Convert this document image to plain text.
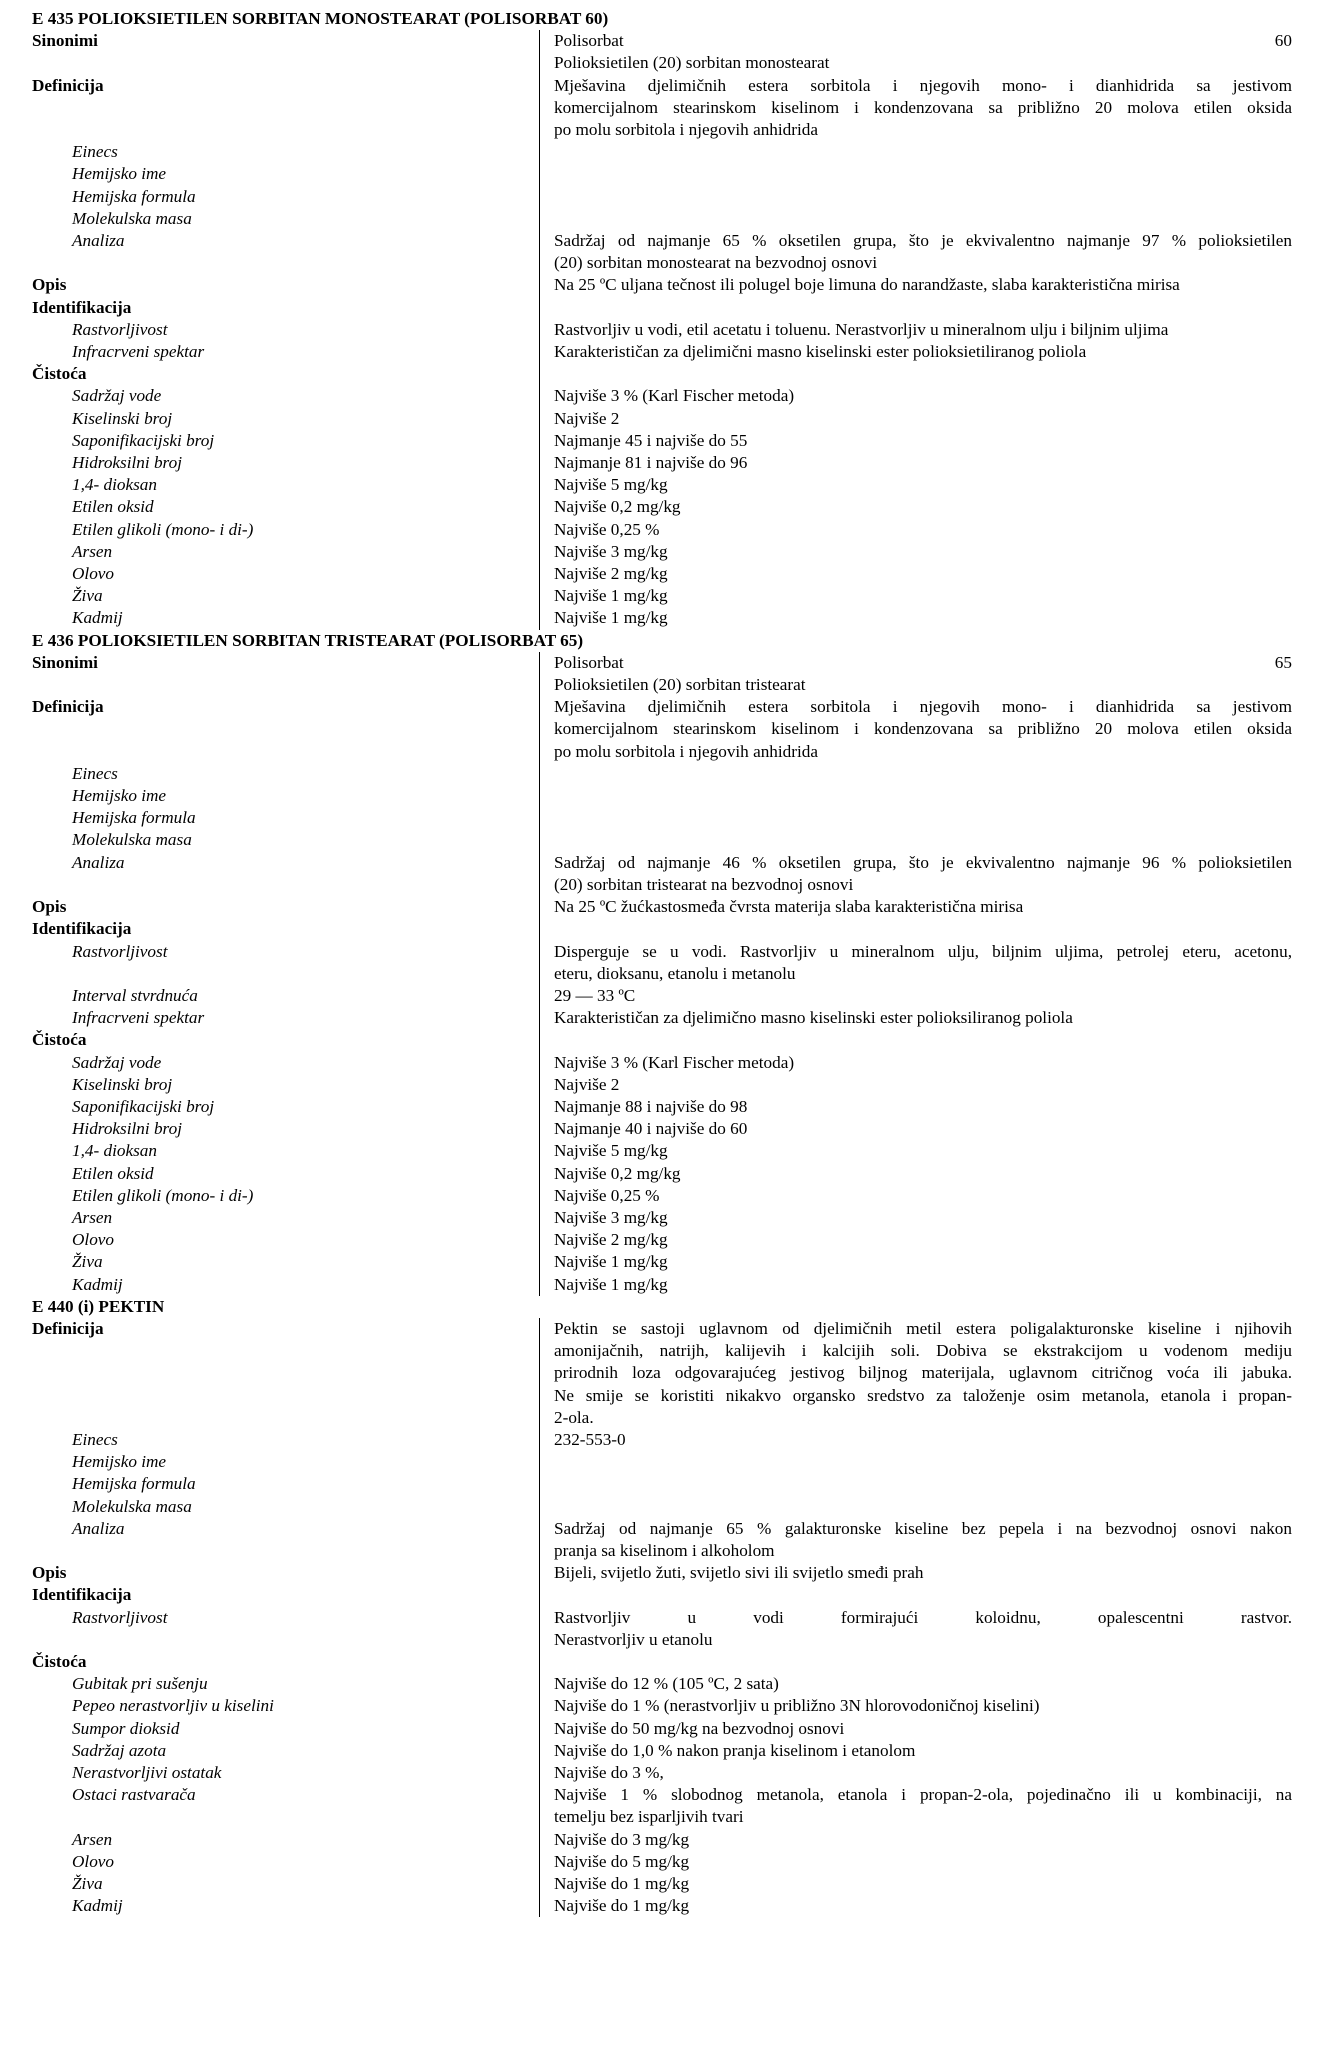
E 435 POLIOKSIETILEN SORBITAN MONOSTEARAT (POLISORBAT 60)
Sinonimi	Polisorbat 60
Polioksietilen (20) sorbitan monostearat
Definicija	Mješavina djelimičnih estera sorbitola i njegovih mono- i dianhidrida sa jestivom
komercijalnom stearinskom kiselinom i kondenzovana sa približno 20 molova etilen oksida
po molu sorbitola i njegovih anhidrida
Einecs
Hemijsko ime
Hemijska formula
Molekulska masa
Analiza	Sadržaj od najmanje 65 % oksetilen grupa, što je ekvivalentno najmanje 97 % polioksietilen
(20) sorbitan monostearat na bezvodnoj osnovi
Opis	Na 25 ºC uljana tečnost ili polugel boje limuna do narandžaste, slaba karakteristična mirisa
Identifikacija
Rastvorljivost	Rastvorljiv u vodi, etil acetatu i toluenu. Nerastvorljiv u mineralnom ulju i biljnim uljima
Infracrveni spektar	Karakterističan za djelimični masno kiselinski ester polioksietiliranog poliola
Čistoća
Sadržaj vode	Najviše 3 % (Karl Fischer metoda)
Kiselinski broj	Najviše 2
Saponifikacijski broj	Najmanje 45 i najviše do 55
Hidroksilni broj	Najmanje 81 i najviše do 96
1,4- dioksan	Najviše 5 mg/kg
Etilen oksid	Najviše 0,2 mg/kg
Etilen glikoli (mono- i di-)	Najviše 0,25 %
Arsen	Najviše 3 mg/kg
Olovo	Najviše 2 mg/kg
Živa	Najviše 1 mg/kg
Kadmij	Najviše 1 mg/kg
E 436 POLIOKSIETILEN SORBITAN TRISTEARAT (POLISORBAT 65)
Sinonimi	Polisorbat 65
Polioksietilen (20) sorbitan tristearat
Definicija	Mješavina djelimičnih estera sorbitola i njegovih mono- i dianhidrida sa jestivom
komercijalnom stearinskom kiselinom i kondenzovana sa približno 20 molova etilen oksida
po molu sorbitola i njegovih anhidrida
Einecs
Hemijsko ime
Hemijska formula
Molekulska masa
Analiza	Sadržaj od najmanje 46 % oksetilen grupa, što je ekvivalentno najmanje 96 % polioksietilen
(20) sorbitan tristearat na bezvodnoj osnovi
Opis	Na 25 ºC žućkastosmeđa čvrsta materija slaba karakteristična mirisa
Identifikacija
Rastvorljivost	Disperguje se u vodi. Rastvorljiv u mineralnom ulju, biljnim uljima, petrolej eteru, acetonu,
eteru, dioksanu, etanolu i metanolu
Interval stvrdnuća	29 — 33 ºC
Infracrveni spektar	Karakterističan za djelimično masno kiselinski ester polioksiliranog poliola
Čistoća
Sadržaj vode	Najviše 3 % (Karl Fischer metoda)
Kiselinski broj	Najviše 2
Saponifikacijski broj	Najmanje 88 i najviše do 98
Hidroksilni broj	Najmanje 40 i najviše do 60
1,4- dioksan	Najviše 5 mg/kg
Etilen oksid	Najviše 0,2 mg/kg
Etilen glikoli (mono- i di-)	Najviše 0,25 %
Arsen	Najviše 3 mg/kg
Olovo	Najviše 2 mg/kg
Živa	Najviše 1 mg/kg
Kadmij	Najviše 1 mg/kg
E 440 (i) PEKTIN
Definicija	Pektin se sastoji uglavnom od djelimičnih metil estera poligalakturonske kiseline i njihovih
amonijačnih, natrijh, kalijevih i kalcijih soli. Dobiva se ekstrakcijom u vodenom mediju
prirodnih loza odgovarajućeg jestivog biljnog materijala, uglavnom citričnog voća ili jabuka.
Ne smije se koristiti nikakvo organsko sredstvo za taloženje osim metanola, etanola i propan-
2-ola.
Einecs	232-553-0
Hemijsko ime
Hemijska formula
Molekulska masa
Analiza	Sadržaj od najmanje 65 % galakturonske kiseline bez pepela i na bezvodnoj osnovi nakon
pranja sa kiselinom i alkoholom
Opis	Bijeli, svijetlo žuti, svijetlo sivi ili svijetlo smeđi prah
Identifikacija
Rastvorljivost	Rastvorljiv u vodi formirajući koloidnu, opalescentni rastvor.
Nerastvorljiv u etanolu
Čistoća
Gubitak pri sušenju	Najviše do 12 % (105 ºC, 2 sata)
Pepeo nerastvorljiv u kiselini	Najviše do 1 % (nerastvorljiv u približno 3N hlorovodoničnoj kiselini)
Sumpor dioksid	Najviše do 50 mg/kg na bezvodnoj osnovi
Sadržaj azota	Najviše do 1,0 % nakon pranja kiselinom i etanolom
Nerastvorljivi ostatak	Najviše do 3 %,
Ostaci rastvarača	Najviše 1 % slobodnog metanola, etanola i propan-2-ola, pojedinačno ili u kombinaciji, na
temelju bez isparljivih tvari
Arsen	Najviše do 3 mg/kg
Olovo	Najviše do 5 mg/kg
Živa	Najviše do 1 mg/kg
Kadmij	Najviše do 1 mg/kg
